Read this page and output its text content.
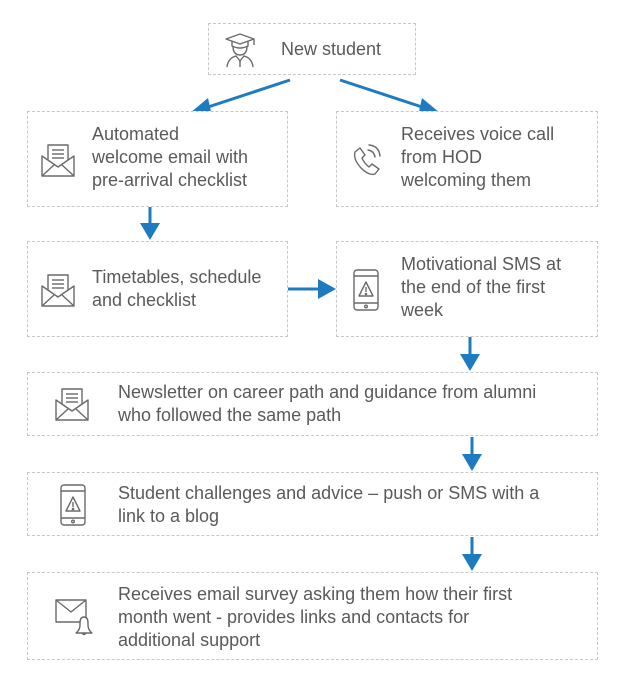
New student
Automated
welcome email with
pre-arrival checklist
Receives voice call
from HOD
welcoming them
Timetables, schedule
and checklist
Motivational SMS at
the end of the first
week
Newsletter on career path and guidance from alumni
who followed the same path
Student challenges and advice – push or SMS with a
link to a blog
Receives email survey asking them how their first
month went - provides links and contacts for
additional support
